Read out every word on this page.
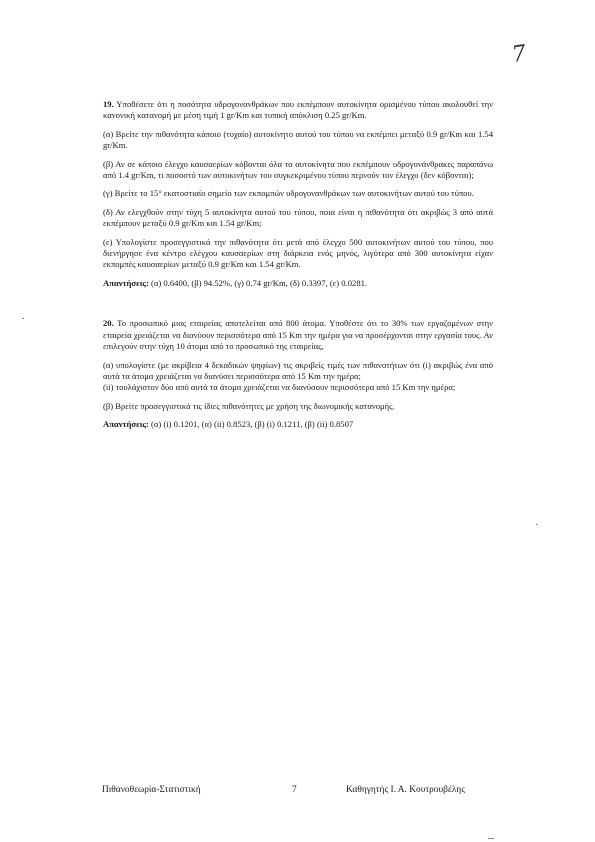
7

19. Υποθέσετε ότι η ποσότητα υδρογονανθράκων που εκπέμπουν αυτοκίνητα ορισμένου τύπου ακολουθεί την κανονική κατανομή με μέση τιμή 1 gr/Km και τυπική απόκλιση 0.25 gr/Km.

(α) Βρείτε την πιθανότητα κάποιο (τυχαίο) αυτοκίνητο αυτού του τύπου να εκπέμπει μεταξύ 0.9 gr/Km και 1.54 gr/Km.

(β) Αν σε κάποιο έλεγχο καυσαερίων κόβονται όλα τα αυτοκίνητα που εκπέμπουν υδρογονάνθρακες παραπάνω από 1.4 gr/Km, τι ποσοστό των αυτοκινήτων του συγκεκριμένου τύπου περνούν τον έλεγχο (δεν κόβονται);

(γ) Βρείτε το 15° εκατοστιαίο σημείο των εκπομπών υδρογονανθράκων των αυτοκινήτων αυτού του τύπου.

(δ) Αν ελεγχθούν στην τύχη 5 αυτοκίνητα αυτού του τύπου, ποια είναι η πιθανότητα ότι ακριβώς 3 από αυτά εκπέμπουν μεταξύ 0.9 gr/Km και 1.54 gr/Km;

(ε) Υπολογίστε προσεγγιστικά την πιθανότητα ότι μετά από έλεγχο 500 αυτοκινήτων αυτού του τύπου, που διενήργησε ένα κέντρο ελέγχου καυσαερίων στη διάρκεια ενός μηνός, λιγότερα από 300 αυτοκίνητα είχαν εκπομπές καυσαερίων μεταξύ 0.9 gr/Km και 1.54 gr/Km.

Απαντήσεις: (α) 0.6400, (β) 94.52%, (γ) 0.74 gr/Km, (δ) 0.3397, (ε) 0.0281.

20. Το προσωπικό μιας εταιρείας αποτελείται από 800 άτομα. Υποθέστε ότι το 30% των εργαζομένων στην εταιρεία χρειάζεται να διανύουν περισσότερα από 15 Km την ημέρα για να προσέρχονται στην εργασία τους. Αν επιλεγούν στην τύχη 10 άτομα από το προσωπικό της εταιρείας,

(α) υπολογίστε (με ακρίβεια 4 δεκαδικών ψηφίων) τις ακριβείς τιμές των πιθανοτήτων ότι (i) ακριβώς ένα από αυτά τα άτομα χρειάζεται να διανύσει περισσότερα από 15 Km την ημέρα;

(ii) τουλάχιστον δύο από αυτά τα άτομα χρειάζεται να διανύσουν περισσότερα από 15 Km την ημέρα;

(β) Βρείτε προσεγγιστικά τις ίδιες πιθανότητες με χρήση της διωνυμικής κατανομής.

Απαντήσεις: (α) (i) 0.1201, (α) (ii) 0.8523, (β) (i) 0.1211, (β) (ii) 0.8507

Πιθανοθεωρία-Στατιστική	7	Καθηγητής Ι. Α. Κουτρουβέλης
